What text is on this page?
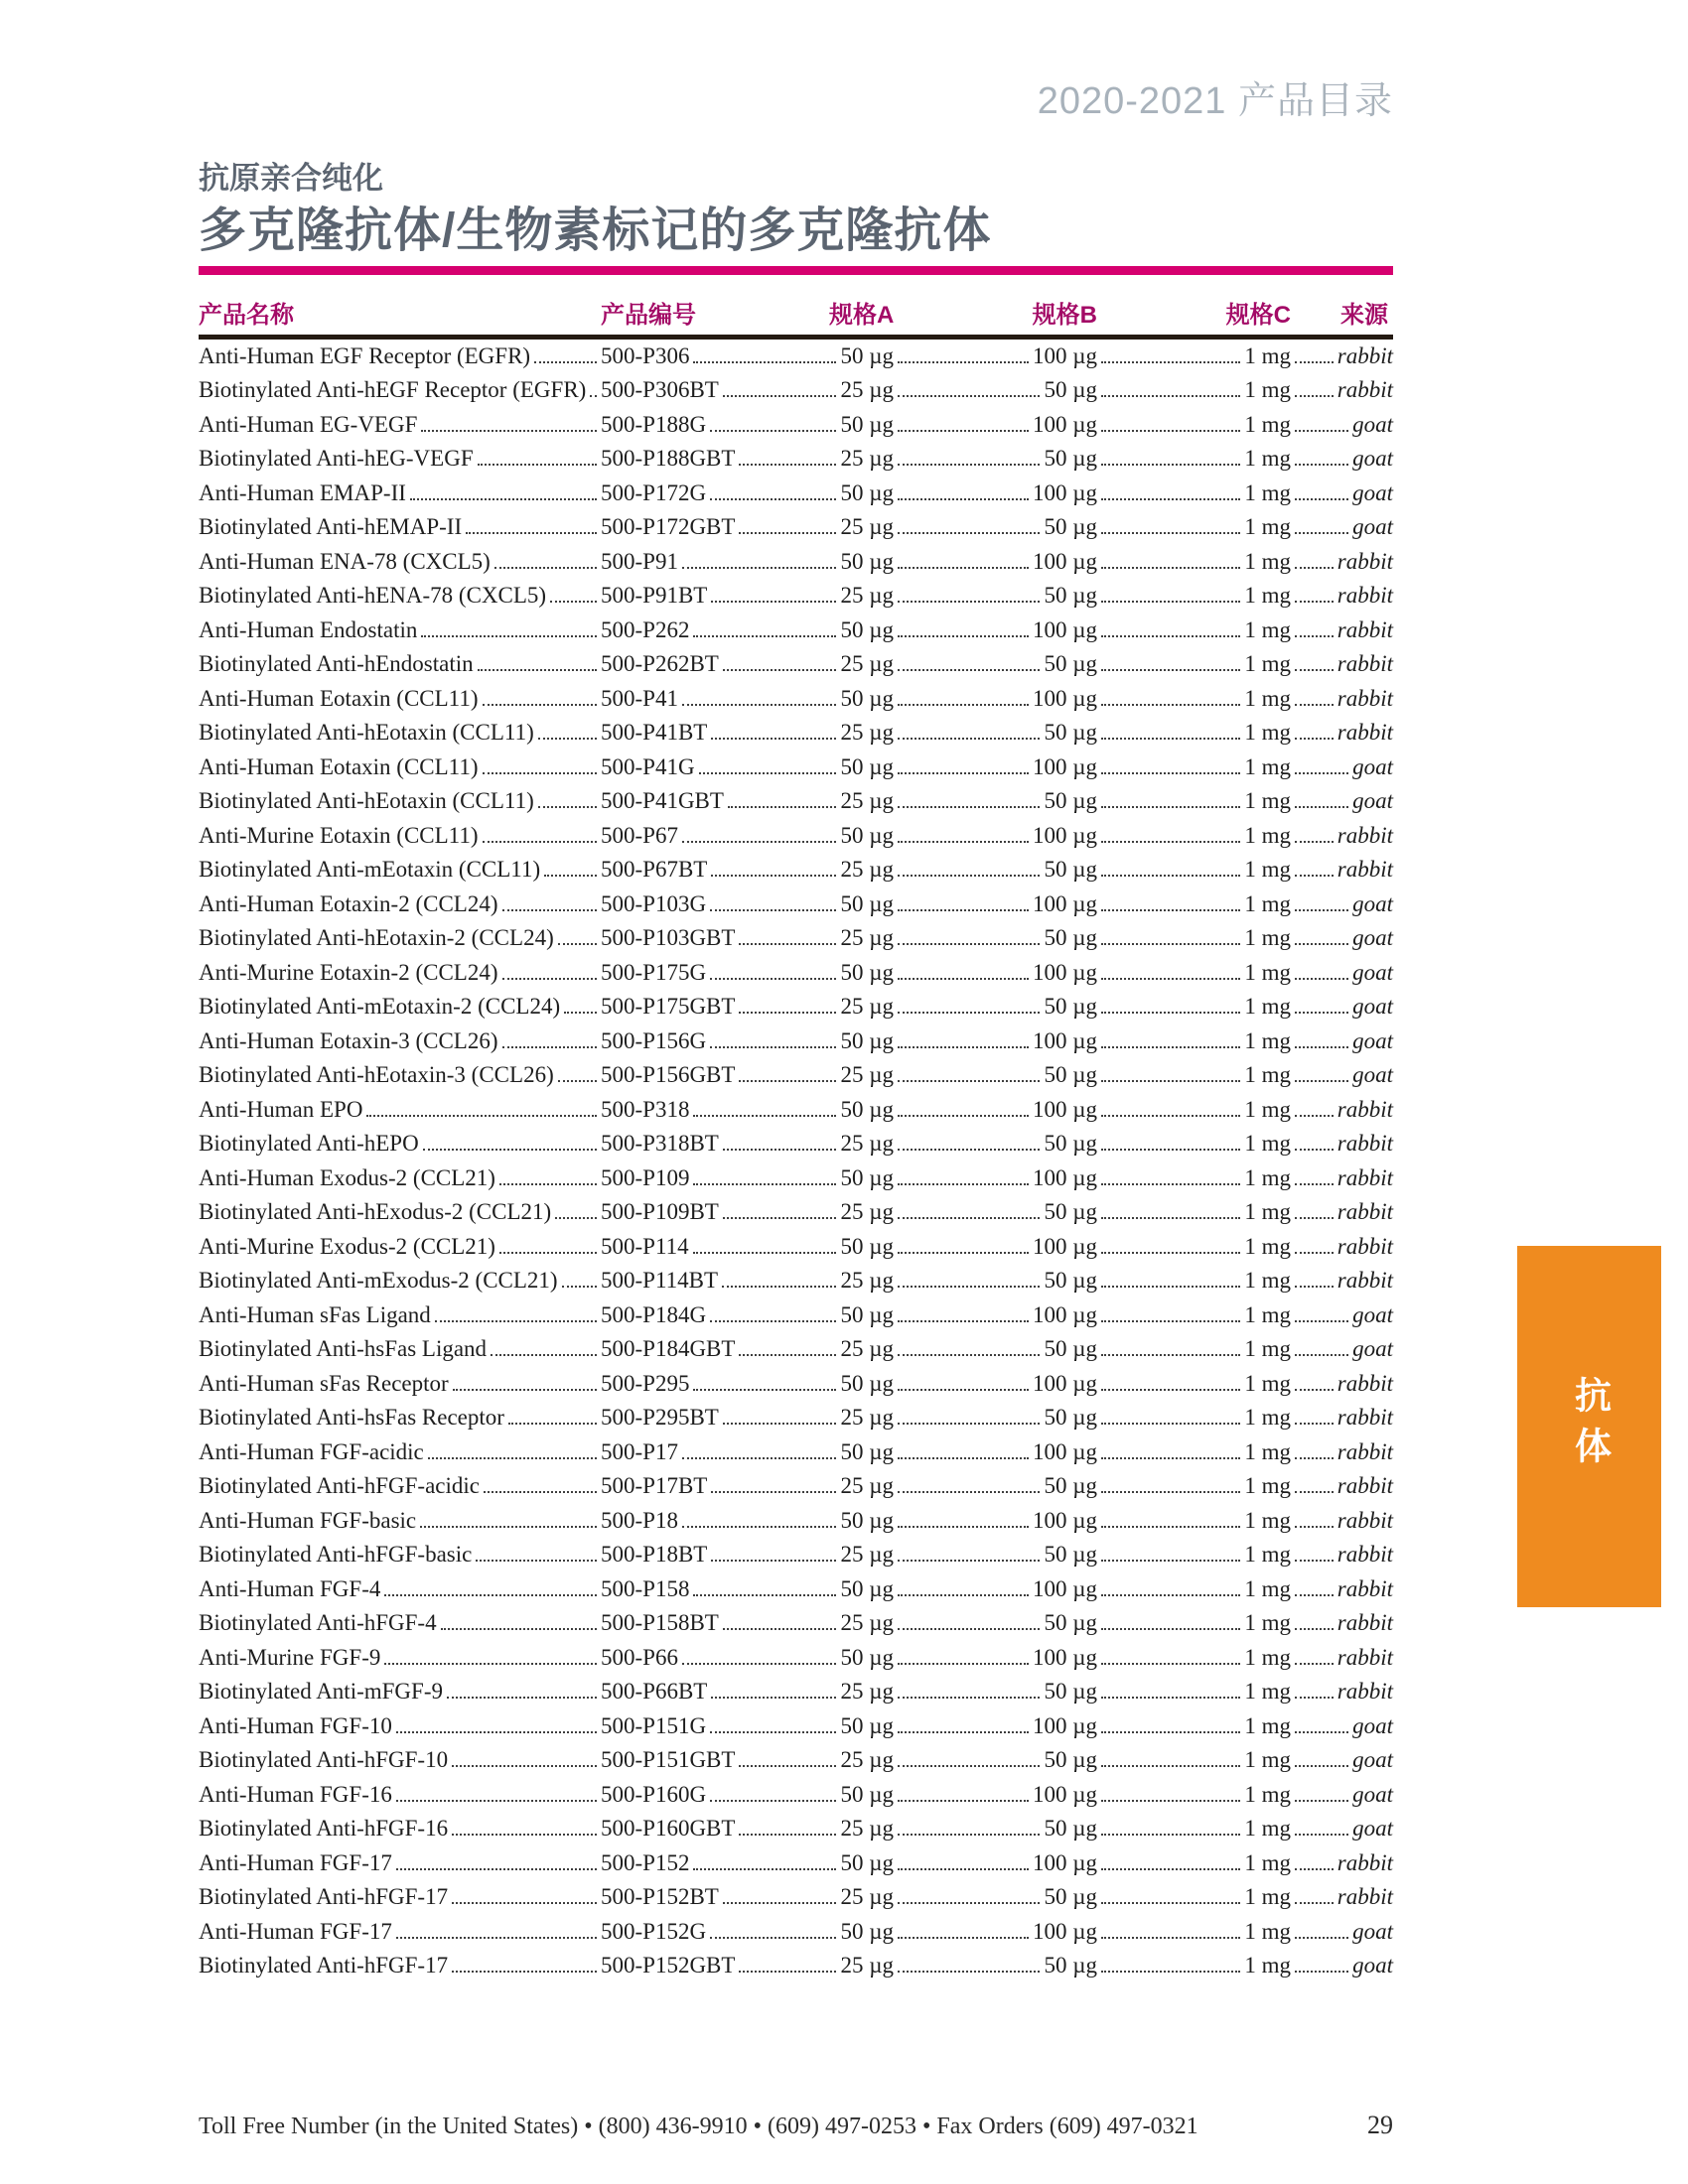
2020-2021 产品目录
抗原亲合纯化
多克隆抗体/生物素标记的多克隆抗体
产品名称	产品编号	规格A	规格B	规格C	来源
Anti-Human EGF Receptor (EGFR)	500-P306	50 µg	100 µg	1 mg rabbit
Biotinylated Anti-hEGF Receptor (EGFR) 500-P306BT	25 µg	50 µg	1 mg rabbit
Anti-Human EG-VEGF	500-P188G	50 µg	100 µg	1 mg	goat
Biotinylated Anti-hEG-VEGF	500-P188GBT	25 µg	50 µg	1 mg	goat
Anti-Human EMAP-II	500-P172G	50 µg	100 µg	1 mg	goat
Biotinylated Anti-hEMAP-II	500-P172GBT	25 µg	50 µg	1 mg	goat
Anti-Human ENA-78 (CXCL5)	500-P91	50 µg	100 µg	1 mg rabbit
Biotinylated Anti-hENA-78 (CXCL5) 500-P91BT	25 µg	50 µg	1 mg rabbit
Anti-Human Endostatin	500-P262	50 µg	100 µg	1 mg rabbit
Biotinylated Anti-hEndostatin	500-P262BT	25 µg	50 µg	1 mg rabbit
Anti-Human Eotaxin (CCL11)	500-P41	50 µg	100 µg	1 mg rabbit
Biotinylated Anti-hEotaxin (CCL11)	500-P41BT	25 µg	50 µg	1 mg rabbit
Anti-Human Eotaxin (CCL11)	500-P41G	50 µg	100 µg	1 mg	goat
Biotinylated Anti-hEotaxin (CCL11)	500-P41GBT	25 µg	50 µg	1 mg	goat
Anti-Murine Eotaxin (CCL11)	500-P67	50 µg	100 µg	1 mg rabbit
Biotinylated Anti-mEotaxin (CCL11)	500-P67BT	25 µg	50 µg	1 mg rabbit
Anti-Human Eotaxin-2 (CCL24)	500-P103G	50 µg	100 µg	1 mg	goat
Biotinylated Anti-hEotaxin-2 (CCL24) 500-P103GBT	25 µg	50 µg	1 mg	goat
Anti-Murine Eotaxin-2 (CCL24)	500-P175G	50 µg	100 µg	1 mg	goat
Biotinylated Anti-mEotaxin-2 (CCL24) 500-P175GBT	25 µg	50 µg	1 mg	goat
Anti-Human Eotaxin-3 (CCL26)	500-P156G	50 µg	100 µg	1 mg	goat
Biotinylated Anti-hEotaxin-3 (CCL26) 500-P156GBT	25 µg	50 µg	1 mg	goat
Anti-Human EPO	500-P318	50 µg	100 µg	1 mg rabbit
Biotinylated Anti-hEPO	500-P318BT	25 µg	50 µg	1 mg rabbit
Anti-Human Exodus-2 (CCL21)	500-P109	50 µg	100 µg	1 mg rabbit
Biotinylated Anti-hExodus-2 (CCL21) 500-P109BT	25 µg	50 µg	1 mg rabbit
Anti-Murine Exodus-2 (CCL21)	500-P114	50 µg	100 µg	1 mg rabbit
Biotinylated Anti-mExodus-2 (CCL21) 500-P114BT	25 µg	50 µg	1 mg rabbit
Anti-Human sFas Ligand	500-P184G	50 µg	100 µg	1 mg	goat
Biotinylated Anti-hsFas Ligand	500-P184GBT	25 µg	50 µg	1 mg	goat
Anti-Human sFas Receptor	500-P295	50 µg	100 µg	1 mg rabbit
Biotinylated Anti-hsFas Receptor	500-P295BT	25 µg	50 µg	1 mg rabbit
Anti-Human FGF-acidic	500-P17	50 µg	100 µg	1 mg rabbit
Biotinylated Anti-hFGF-acidic	500-P17BT	25 µg	50 µg	1 mg rabbit
Anti-Human FGF-basic	500-P18	50 µg	100 µg	1 mg rabbit
Biotinylated Anti-hFGF-basic	500-P18BT	25 µg	50 µg	1 mg rabbit
Anti-Human FGF-4	500-P158	50 µg	100 µg	1 mg rabbit
Biotinylated Anti-hFGF-4	500-P158BT	25 µg	50 µg	1 mg rabbit
Anti-Murine FGF-9	500-P66	50 µg	100 µg	1 mg rabbit
Biotinylated Anti-mFGF-9	500-P66BT	25 µg	50 µg	1 mg rabbit
Anti-Human FGF-10	500-P151G	50 µg	100 µg	1 mg	goat
Biotinylated Anti-hFGF-10	500-P151GBT	25 µg	50 µg	1 mg	goat
Anti-Human FGF-16	500-P160G	50 µg	100 µg	1 mg	goat
Biotinylated Anti-hFGF-16	500-P160GBT	25 µg	50 µg	1 mg	goat
Anti-Human FGF-17	500-P152	50 µg	100 µg	1 mg rabbit
Biotinylated Anti-hFGF-17	500-P152BT	25 µg	50 µg	1 mg rabbit
Anti-Human FGF-17	500-P152G	50 µg	100 µg	1 mg	goat
Biotinylated Anti-hFGF-17	500-P152GBT	25 µg	50 µg	1 mg	goat
抗体
Toll Free Number (in the United States) • (800) 436-9910 • (609) 497-0253 • Fax Orders (609) 497-0321	29
